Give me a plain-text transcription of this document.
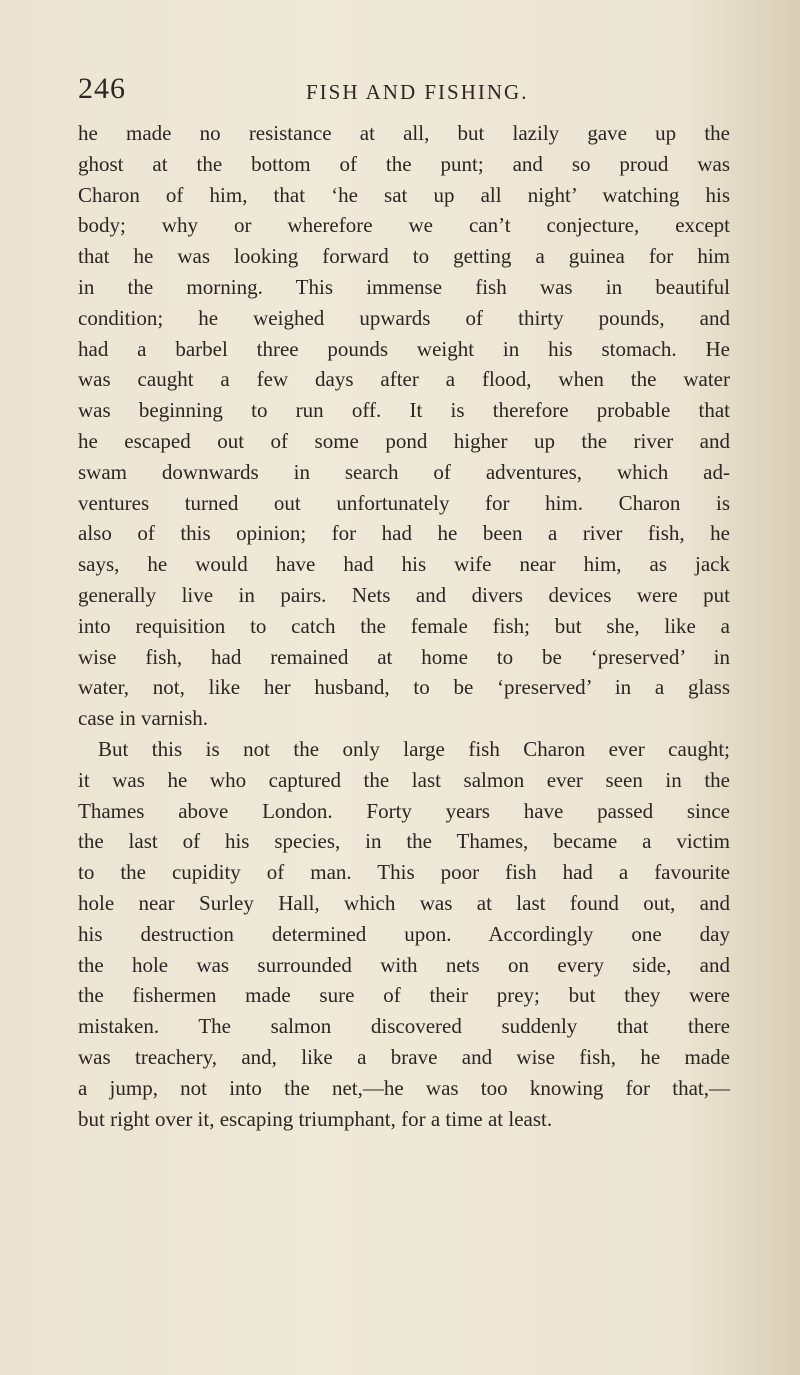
246	FISH AND FISHING.
he made no resistance at all, but lazily gave up the
ghost at the bottom of the punt; and so proud was
Charon of him, that ‘he sat up all night’ watching his
body; why or wherefore we can’t conjecture, except
that he was looking forward to getting a guinea for him
in the morning. This immense fish was in beautiful
condition; he weighed upwards of thirty pounds, and
had a barbel three pounds weight in his stomach. He
was caught a few days after a flood, when the water
was beginning to run off. It is therefore probable that
he escaped out of some pond higher up the river and
swam downwards in search of adventures, which ad-
ventures turned out unfortunately for him. Charon is
also of this opinion; for had he been a river fish, he
says, he would have had his wife near him, as jack
generally live in pairs. Nets and divers devices were put
into requisition to catch the female fish; but she, like a
wise fish, had remained at home to be ‘preserved’ in
water, not, like her husband, to be ‘preserved’ in a glass
case in varnish.
But this is not the only large fish Charon ever caught;
it was he who captured the last salmon ever seen in the
Thames above London. Forty years have passed since
the last of his species, in the Thames, became a victim
to the cupidity of man. This poor fish had a favourite
hole near Surley Hall, which was at last found out, and
his destruction determined upon. Accordingly one day
the hole was surrounded with nets on every side, and
the fishermen made sure of their prey; but they were
mistaken. The salmon discovered suddenly that there
was treachery, and, like a brave and wise fish, he made
a jump, not into the net,—he was too knowing for that,—
but right over it, escaping triumphant, for a time at least.
